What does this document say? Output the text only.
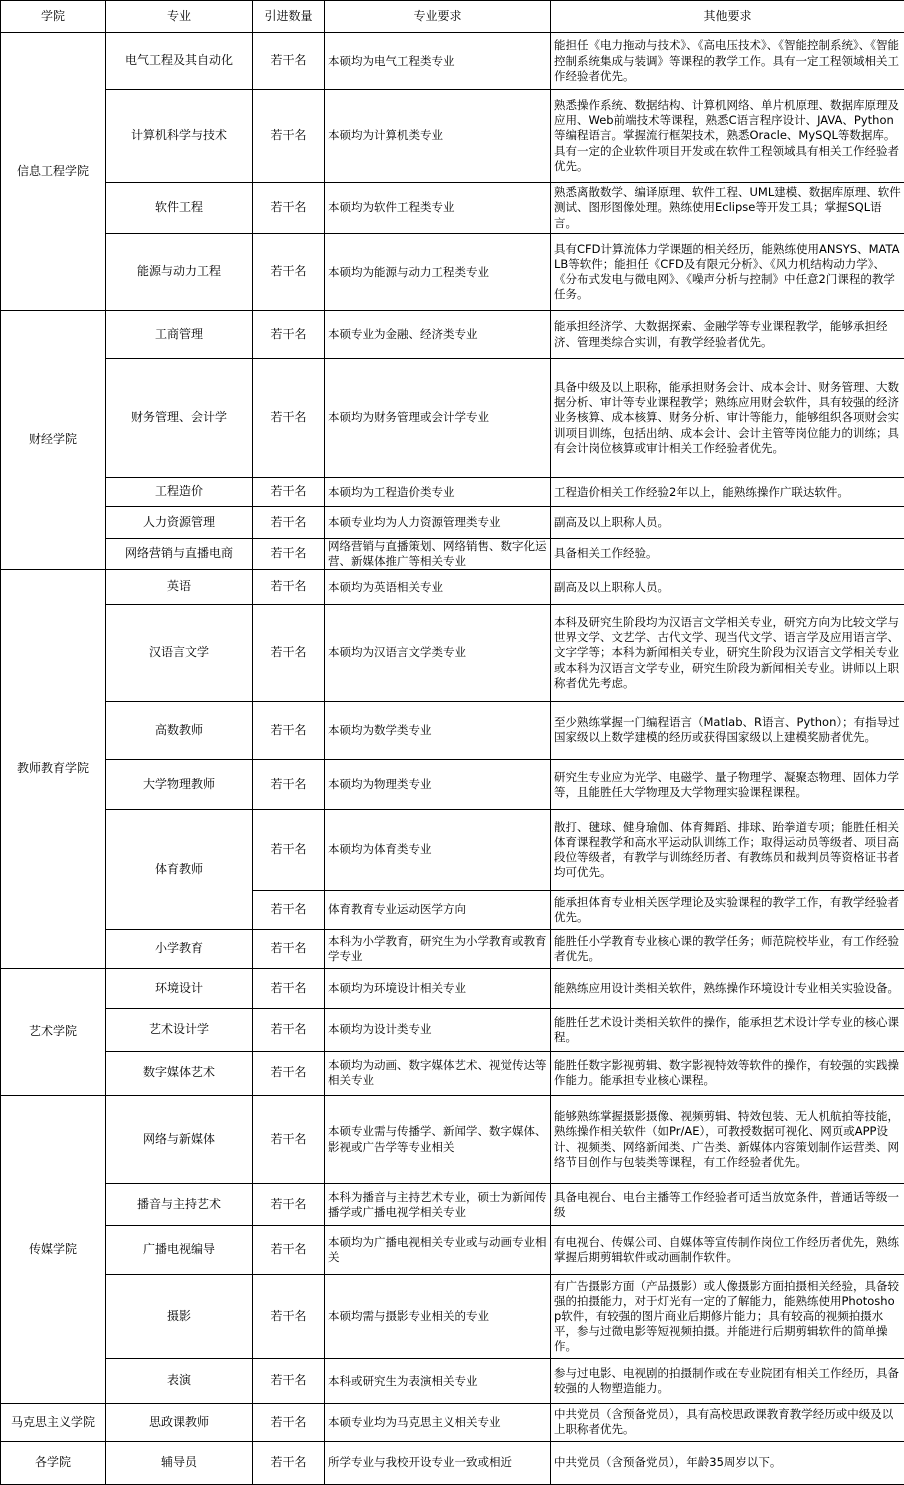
学院	专业	引进数量	专业要求	其他要求
信息工程学院	电气工程及其自动化	若干名	本硕均为电气工程类专业	能担任《电力拖动与技术》、《高电压技术》、《智能控制系统》、《智能控制系统集成与装调》等课程的教学工作。具有一定工程领域相关工作经验者优先。
	计算机科学与技术	若干名	本硕均为计算机类专业	熟悉操作系统、数据结构、计算机网络、单片机原理、数据库原理及应用、Web前端技术等课程，熟悉C语言程序设计、JAVA、Python等编程语言。掌握流行框架技术，熟悉Oracle、MySQL等数据库。具有一定的企业软件项目开发或在软件工程领域具有相关工作经验者优先。
	软件工程	若干名	本硕均为软件工程类专业	熟悉离散数学、编译原理、软件工程、UML建模、数据库原理、软件测试、图形图像处理。熟练使用Eclipse等开发工具；掌握SQL语言。
	能源与动力工程	若干名	本硕均为能源与动力工程类专业	具有CFD计算流体力学课题的相关经历，能熟练使用ANSYS、MATALB等软件；能担任《CFD及有限元分析》、《风力机结构动力学》、《分布式发电与微电网》、《噪声分析与控制》中任意2门课程的教学任务。
财经学院	工商管理	若干名	本硕专业为金融、经济类专业	能承担经济学、大数据探索、金融学等专业课程教学，能够承担经济、管理类综合实训，有教学经验者优先。
	财务管理、会计学	若干名	本硕均为财务管理或会计学专业	具备中级及以上职称，能承担财务会计、成本会计、财务管理、大数据分析、审计等专业课程教学；熟练应用财会软件，具有较强的经济业务核算、成本核算、财务分析、审计等能力，能够组织各项财会实训项目训练，包括出纳、成本会计、会计主管等岗位能力的训练；具有会计岗位核算或审计相关工作经验者优先。
	工程造价	若干名	本硕均为工程造价类专业	工程造价相关工作经验2年以上，能熟练操作广联达软件。
	人力资源管理	若干名	本硕专业均为人力资源管理类专业	副高及以上职称人员。
	网络营销与直播电商	若干名	网络营销与直播策划、网络销售、数字化运营、新媒体推广等相关专业	具备相关工作经验。
教师教育学院	英语	若干名	本硕均为英语相关专业	副高及以上职称人员。
	汉语言文学	若干名	本硕均为汉语言文学类专业	本科及研究生阶段均为汉语言文学相关专业，研究方向为比较文学与世界文学、文艺学、古代文学、现当代文学、语言学及应用语言学、文字学等；本科为新闻相关专业，研究生阶段为汉语言文学相关专业或本科为汉语言文学专业，研究生阶段为新闻相关专业。讲师以上职称者优先考虑。
	高数教师	若干名	本硕均为数学类专业	至少熟练掌握一门编程语言（Matlab、R语言、Python）；有指导过国家级以上数学建模的经历或获得国家级以上建模奖励者优先。
	大学物理教师	若干名	本硕均为物理类专业	研究生专业应为光学、电磁学、量子物理学、凝聚态物理、固体力学等，且能胜任大学物理及大学物理实验课程课程。
	体育教师	若干名	本硕均为体育类专业	散打、毽球、健身瑜伽、体育舞蹈、排球、跆拳道专项；能胜任相关体育课程教学和高水平运动队训练工作；取得运动员等级者、项目高段位等级者，有教学与训练经历者、有教练员和裁判员等资格证书者均可优先。
		若干名	体育教育专业运动医学方向	能承担体育专业相关医学理论及实验课程的教学工作，有教学经验者优先。
	小学教育	若干名	本科为小学教育，研究生为小学教育或教育学专业	能胜任小学教育专业核心课的教学任务；师范院校毕业，有工作经验者优先。
艺术学院	环境设计	若干名	本硕均为环境设计相关专业	能熟练应用设计类相关软件，熟练操作环境设计专业相关实验设备。
	艺术设计学	若干名	本硕均为设计类专业	能胜任艺术设计类相关软件的操作，能承担艺术设计学专业的核心课程。
	数字媒体艺术	若干名	本硕均为动画、数字媒体艺术、视觉传达等相关专业	能胜任数字影视剪辑、数字影视特效等软件的操作，有较强的实践操作能力。能承担专业核心课程。
传媒学院	网络与新媒体	若干名	本硕专业需与传播学、新闻学、数字媒体、影视或广告学等专业相关	能够熟练掌握摄影摄像、视频剪辑、特效包装、无人机航拍等技能，熟练操作相关软件（如Pr/AE），可教授数据可视化、网页或APP设计、视频类、网络新闻类、广告类、新媒体内容策划制作运营类、网络节目创作与包装类等课程，有工作经验者优先。
	播音与主持艺术	若干名	本科为播音与主持艺术专业，硕士为新闻传播学或广播电视学相关专业	具备电视台、电台主播等工作经验者可适当放宽条件，普通话等级一级
	广播电视编导	若干名	本硕均为广播电视相关专业或与动画专业相关	有电视台、传媒公司、自媒体等宣传制作岗位工作经历者优先，熟练掌握后期剪辑软件或动画制作软件。
	摄影	若干名	本硕均需与摄影专业相关的专业	有广告摄影方面（产品摄影）或人像摄影方面拍摄相关经验，具备较强的拍摄能力，对于灯光有一定的了解能力，能熟练使用Photoshop软件，有较强的图片商业后期修片能力；具有较高的视频拍摄水平，参与过微电影等短视频拍摄。并能进行后期剪辑软件的简单操作。
	表演	若干名	本科或研究生为表演相关专业	参与过电影、电视剧的拍摄制作或在专业院团有相关工作经历，具备较强的人物塑造能力。
马克思主义学院	思政课教师	若干名	本硕专业均为马克思主义相关专业	中共党员（含预备党员），具有高校思政课教育教学经历或中级及以上职称者优先。
各学院	辅导员	若干名	所学专业与我校开设专业一致或相近	中共党员（含预备党员），年龄35周岁以下。
